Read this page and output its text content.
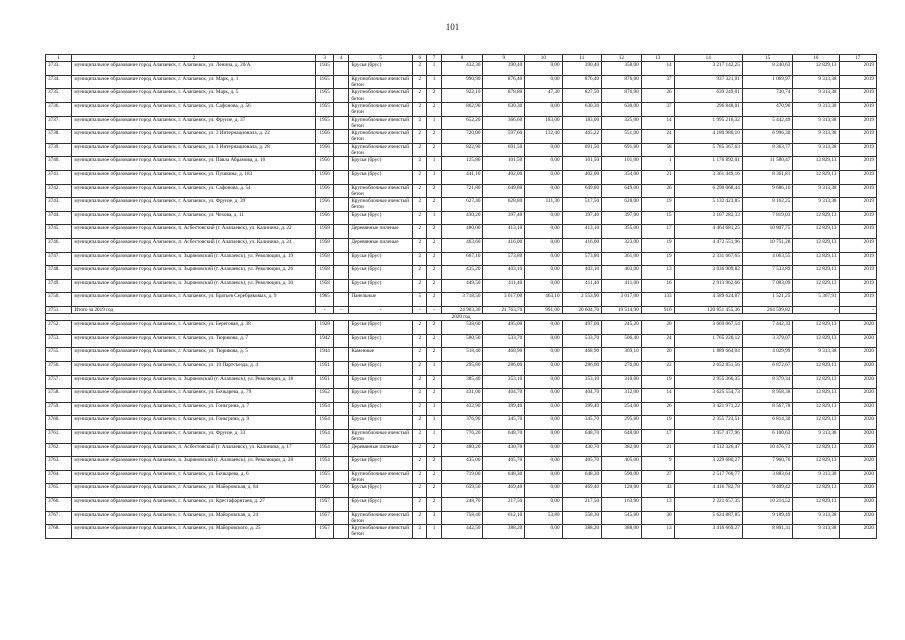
101
1	2	3	4	5	6	7	8	9	10	11	12	13	14	15	16	17
3733.	муниципальное образование город Алапаевск, г. Алапаевск, ул. Ленина, д. 20/А	1935		Брусья (брус)	2	1	432,30	390,40	0,00	390,40	358,00	14	3 217 142,25	8 240,63	12 829,13	2019
3734.	муниципальное образование город Алапаевск, г. Алапаевск, ул. Марк, д. 1	1955		Крупноблочные ячеистый бетон	2	1	990,90	876,40	0,00	876,40	876,00	37	937 321,01	1 069,97	9 313,38	2019
3735.	муниципальное образование город Алапаевск, г. Алапаевск, ул. Марк, д. 5	1955		Крупноблочные ячеистый бетон	2	2	922,10	878,80	47,30	827,50	876,90	26	639 249,01	730,74	9 313,38	2019
3736.	муниципальное образование город Алапаевск, г. Алапаевск, ул. Сафонова, д. 56	1955		Крупноблочные ячеистый бетон	2	2	862,90	630,30	0,00	630,30	630,00	37	296 848,01	470,96	9 313,38	2019
3737.	муниципальное образование город Алапаевск, г. Алапаевск, ул. Фрунзе, д. 37	1955		Крупноблочные ячеистый бетон	2	1	652,20	366,60	183,00	183,00	325,00	14	1 995 216,32	5 442,49	9 313,38	2019
3738.	муниципальное образование город Алапаевск, г. Алапаевск, ул. 3 Интернационала, д. 22	1956		Крупноблочные ячеистый бетон	2	2	720,00	597,60	132,40	465,22	551,00	24	4 180 986,10	6 996,30	9 313,38	2019
3739.	муниципальное образование город Алапаевск, г. Алапаевск, ул. 3 Интернационала, д. 28	1956		Крупноблочные ячеистый бетон	2	2	822,90	691,50	0,00	691,50	691,00	58	5 785 367,63	8 363,77	9 313,38	2019
3740.	муниципальное образование город Алапаевск, г. Алапаевск, ул. Павла Абрамова, д. 16	1956		Брусья (брус)	2	1	125,80	101,50	0,00	101,50	101,00	1	1 176 892,01	11 580,47	12 829,13	2019
3741.	муниципальное образование город Алапаевск, г. Алапаевск, ул. Пушкина, д. 183	1956		Брусья (брус)	2	1	441,10	402,00	0,00	402,00	354,00	21	3 361 449,16	8 361,81	12 829,13	2019
3742.	муниципальное образование город Алапаевск, г. Алапаевск, ул. Сафонова, д. 54	1956		Крупноблочные ячеистый бетон	2	2	721,80	649,80	0,00	649,80	649,00	26	6 290 068,44	9 686,16	9 313,38	2019
3743.	муниципальное образование город Алапаевск, г. Алапаевск, ул. Фрунзе, д. 39	1956		Крупноблочные ячеистый бетон	2	2	627,40	628,80	111,30	517,50	628,00	19	5 132 423,85	8 162,25	9 313,38	2019
3744.	муниципальное образование город Алапаевск, г. Алапаевск, ул. Чехова, д. 11	1956		Брусья (брус)	2	1	430,20	397,40	0,00	397,40	397,00	15	3 107 282,33	7 819,03	12 829,13	2019
3745.	муниципальное образование город Алапаевск, п. Асбестовский (г. Алапаевск), ул. Калинина, д. 22	1958		Деревянные пиленые	2	2	480,00	413,10	0,00	413,10	355,00	17	4 464 681,25	10 807,75	12 829,13	2019
3746.	муниципальное образование город Алапаевск, п. Асбестовский (г. Алапаевск), ул. Калинина, д. 24	1958		Деревянные пиленые	2	2	463,60	416,00	0,00	416,00	323,00	19	4 472 551,96	10 751,28	12 829,13	2019
3747.	муниципальное образование город Алапаевск, п. Зыряновский (г. Алапаевск), ул. Революции, д. 19	1958		Брусья (брус)	2	2	667,10	573,80	0,00	573,80	361,00	19	2 331 667,65	4 063,55	12 829,13	2019
3748.	муниципальное образование город Алапаевск, п. Зыряновский (г. Алапаевск), ул. Революции, д. 26	1958		Брусья (брус)	2	2	435,20	403,10	0,00	403,10	403,00	13	3 036 909,82	7 533,89	12 829,13	2019
3749.	муниципальное образование город Алапаевск, п. Зыряновский (г. Алапаевск), ул. Революции, д. 30	1958		Брусья (брус)	2	2	449,50	411,40	0,00	411,40	411,00	16	2 913 962,66	7 083,09	12 829,13	2019
3750.	муниципальное образование город Алапаевск, г. Алапаевск, ул. Братьев Серебряковых, д. 9	1965		Панельные	5	2	3 718,50	3 017,00	463,10	2 553,90	3 017,00	133	4 589 624,87	1 521,25	5 367,91	2019
3751.	Итого за 2019 год	-	-	-	-	-	24 903,30	21 763,70	991,00	20 604,70	19 514,90	910	120 851 455,36	264 599,82	-	-
2020 год																
3752.	муниципальное образование город Алапаевск, г. Алапаевск, ул. Береговая, д. 38	1928		Брусья (брус)	2	2	538,60	495,00	0,00	497,00	245,20	20	3 669 067,54	7 442,33	12 829,13	2020
3753.	муниципальное образование город Алапаевск, г. Алапаевск, ул. Тюрикова, д. 7	1942		Брусья (брус)	2	2	580,50	533,70	0,00	533,70	506,40	24	1 765 220,12	3 379,07	12 829,13	2020
3755.	муниципальное образование город Алапаевск, г. Алапаевск, ул. Тюрикова, д. 5	1944		Каменные	2	2	518,40	468,90	0,00	468,90	369,10	20	1 889 664,04	4 029,99	9 313,38	2020
3756.	муниципальное образование город Алапаевск, г. Алапаевск, ул. 19 Партсъезда, д. 4	1951		Брусья (брус)	2	1	295,80	286,00	0,00	286,00	276,00	22	2 652 851,56	6 872,67	12 829,13	2020
3757.	муниципальное образование город Алапаевск, п. Зыряновский (г. Алапаевск), ул. Революции, д. 18	1951		Брусья (брус)	2	2	385,40	353,10	0,00	353,10	310,00	19	2 955 366,35	8 379,34	12 829,13	2020
3758.	муниципальное образование город Алапаевск, г. Алапаевск, ул. Бочкарева, д. 79	1952		Брусья (брус)	2	2	431,00	404,70	0,00	404,70	312,00	14	3 625 554,73	8 958,38	12 829,13	2020
3759.	муниципальное образование город Алапаевск, г. Алапаевск, ул. Гоньгрина, д. 7	1954		Брусья (брус)	2	1	432,90	399,40	0,00	399,40	254,00	26	3 421 971,22	8 567,78	12 829,13	2020
3760.	муниципальное образование город Алапаевск, г. Алапаевск, ул. Гоньгрина, д. 9	1954		Брусья (брус)	2	1	376,90	345,70	0,00	345,70	295,00	19	2 355 723,51	6 814,30	12 829,13	2020
3761.	муниципальное образование город Алапаевск, г. Алапаевск, ул. Фрунзе, д. 33	1954		Крупноблочные ячеистый бетон	2	1	776,20	648,70	0,00	648,70	648,00	17	3 957 477,96	6 100,63	9 313,38	2020
3762.	муниципальное образование город Алапаевск, п. Асбестовский (г. Алапаевск), ул. Калинина, д. 17	1954		Деревянные пиленые	2	2	480,20	430,70	0,00	430,70	382,00	21	4 512 326,47	10 476,73	12 829,13	2020
3763.	муниципальное образование город Алапаевск, п. Зыряновский (г. Алапаевск), ул. Революции, д. 28	1954		Брусья (брус)	2	2	435,00	405,70	0,00	405,70	405,00	9	3 229 680,27	7 960,76	12 829,13	2020
3764.	муниципальное образование город Алапаевск, г. Алапаевск, ул. Бочкарева, д. 6	1955		Крупноблочные ячеистый бетон	2	2	719,00	648,30	0,00	648,30	590,00	27	2 517 766,77	3 883,64	9 313,38	2020
3765.	муниципальное образование город Алапаевск, г. Алапаевск, ул. Майоровская, д. 84	1956		Брусья (брус)	2	2	659,50	469,40	0,00	469,40	120,00	43	4 416 782,78	9 409,42	12 829,13	2020
3766.	муниципальное образование город Алапаевск, г. Алапаевск, ул. Кресгафорнтаев, д. 27	1957		Брусья (брус)	2	2	248,70	217,50	0,00	217,50	163,90	13	2 221 657,35	10 214,52	12 829,13	2020
3767.	муниципальное образование город Алапаевск, г. Алапаевск, ул. Майоровская, д. 24	1957		Крупноблочные ячеистый бетон	2	3	758,40	612,10	53,80	558,30	545,00	30	5 624 887,85	9 189,49	9 313,38	2020
3768.	муниципальное образование город Алапаевск, г. Алапаевск, ул. Майоровского, д. 25	1957		Крупноблочные ячеистый бетон	2	1	442,50	388,20	0,00	388,20	388,00	13	3 416 669,27	8 801,31	9 313,38	2020
